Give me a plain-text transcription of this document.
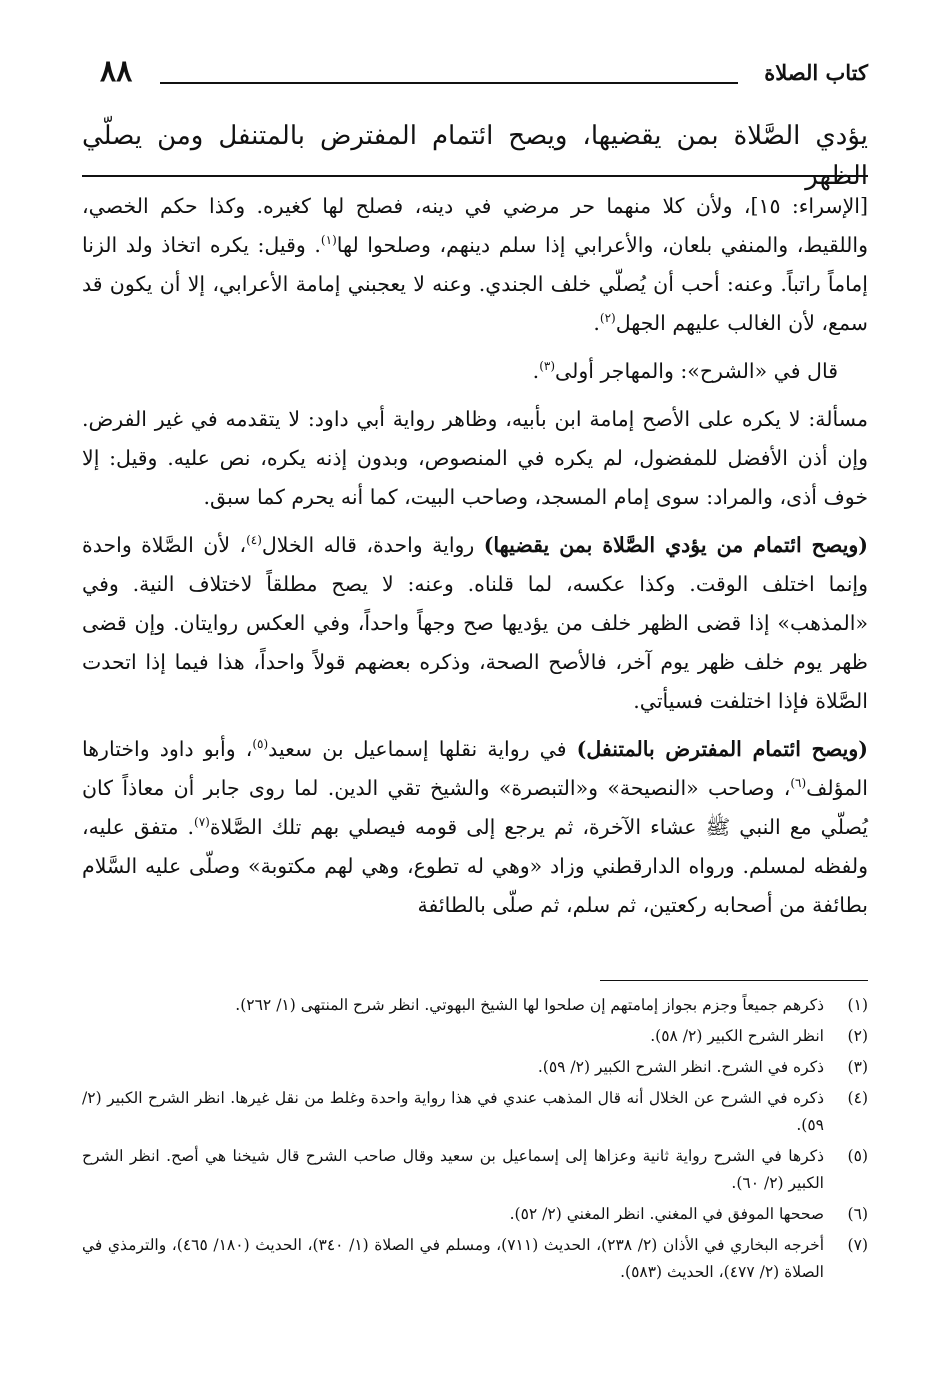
كتاب الصلاة
٨٨
يؤدي الصَّلاة بمن يقضيها، ويصح ائتمام المفترض بالمتنفل ومن يصلّي الظهر

[الإسراء: ١٥]، ولأن كلا منهما حر مرضي في دينه، فصلح لها كغيره. وكذا حكم الخصي، واللقيط، والمنفي بلعان، والأعرابي إذا سلم دينهم، وصلحوا لها$^{(١)}$. وقيل: يكره اتخاذ ولد الزنا إماماً راتباً. وعنه: أحب أن يُصلّي خلف الجندي. وعنه لا يعجبني إمامة الأعرابي، إلا أن يكون قد سمع، لأن الغالب عليهم الجهل$^{(٢)}$.

قال في «الشرح»: والمهاجر أولى$^{(٣)}$.

مسألة: لا يكره على الأصح إمامة ابن بأبيه، وظاهر رواية أبي داود: لا يتقدمه في غير الفرض. وإن أذن الأفضل للمفضول، لم يكره في المنصوص، وبدون إذنه يكره، نص عليه. وقيل: إلا خوف أذى، والمراد: سوى إمام المسجد، وصاحب البيت، كما أنه يحرم كما سبق.

(ويصح ائتمام من يؤدي الصَّلاة بمن يقضيها) رواية واحدة، قاله الخلال$^{(٤)}$، لأن الصَّلاة واحدة وإنما اختلف الوقت. وكذا عكسه، لما قلناه. وعنه: لا يصح مطلقاً لاختلاف النية. وفي «المذهب» إذا قضى الظهر خلف من يؤديها صح وجهاً واحداً، وفي العكس روايتان. وإن قضى ظهر يوم خلف ظهر يوم آخر، فالأصح الصحة، وذكره بعضهم قولاً واحداً، هذا فيما إذا اتحدت الصَّلاة فإذا اختلفت فسيأتي.

(ويصح ائتمام المفترض بالمتنفل) في رواية نقلها إسماعيل بن سعيد$^{(٥)}$، وأبو داود واختارها المؤلف$^{(٦)}$، وصاحب «النصيحة» و«التبصرة» والشيخ تقي الدين. لما روى جابر أن معاذاً كان يُصلّي مع النبي ﷺ عشاء الآخرة، ثم يرجع إلى قومه فيصلي بهم تلك الصَّلاة$^{(٧)}$. متفق عليه، ولفظه لمسلم. ورواه الدارقطني وزاد «وهي له تطوع، وهي لهم مكتوبة» وصلّى عليه السَّلام بطائفة من أصحابه ركعتين، ثم سلم، ثم صلّى بالطائفة

(١)
ذكرهم جميعاً وجزم بجواز إمامتهم إن صلحوا لها الشيخ البهوتي. انظر شرح المنتهى (١/ ٢٦٢).
(٢)
انظر الشرح الكبير (٢/ ٥٨).
(٣)
ذكره في الشرح. انظر الشرح الكبير (٢/ ٥٩).
(٤)
ذكره في الشرح عن الخلال أنه قال المذهب عندي في هذا رواية واحدة وغلط من نقل غيرها. انظر الشرح الكبير (٢/ ٥٩).
(٥)
ذكرها في الشرح رواية ثانية وعزاها إلى إسماعيل بن سعيد وقال صاحب الشرح قال شيخنا هي أصح. انظر الشرح الكبير (٢/ ٦٠).
(٦)
صححها الموفق في المغني. انظر المغني (٢/ ٥٢).
(٧)
أخرجه البخاري في الأذان (٢/ ٢٣٨)، الحديث (٧١١)، ومسلم في الصلاة (١/ ٣٤٠)، الحديث (١٨٠/ ٤٦٥)، والترمذي في الصلاة (٢/ ٤٧٧)، الحديث (٥٨٣).
